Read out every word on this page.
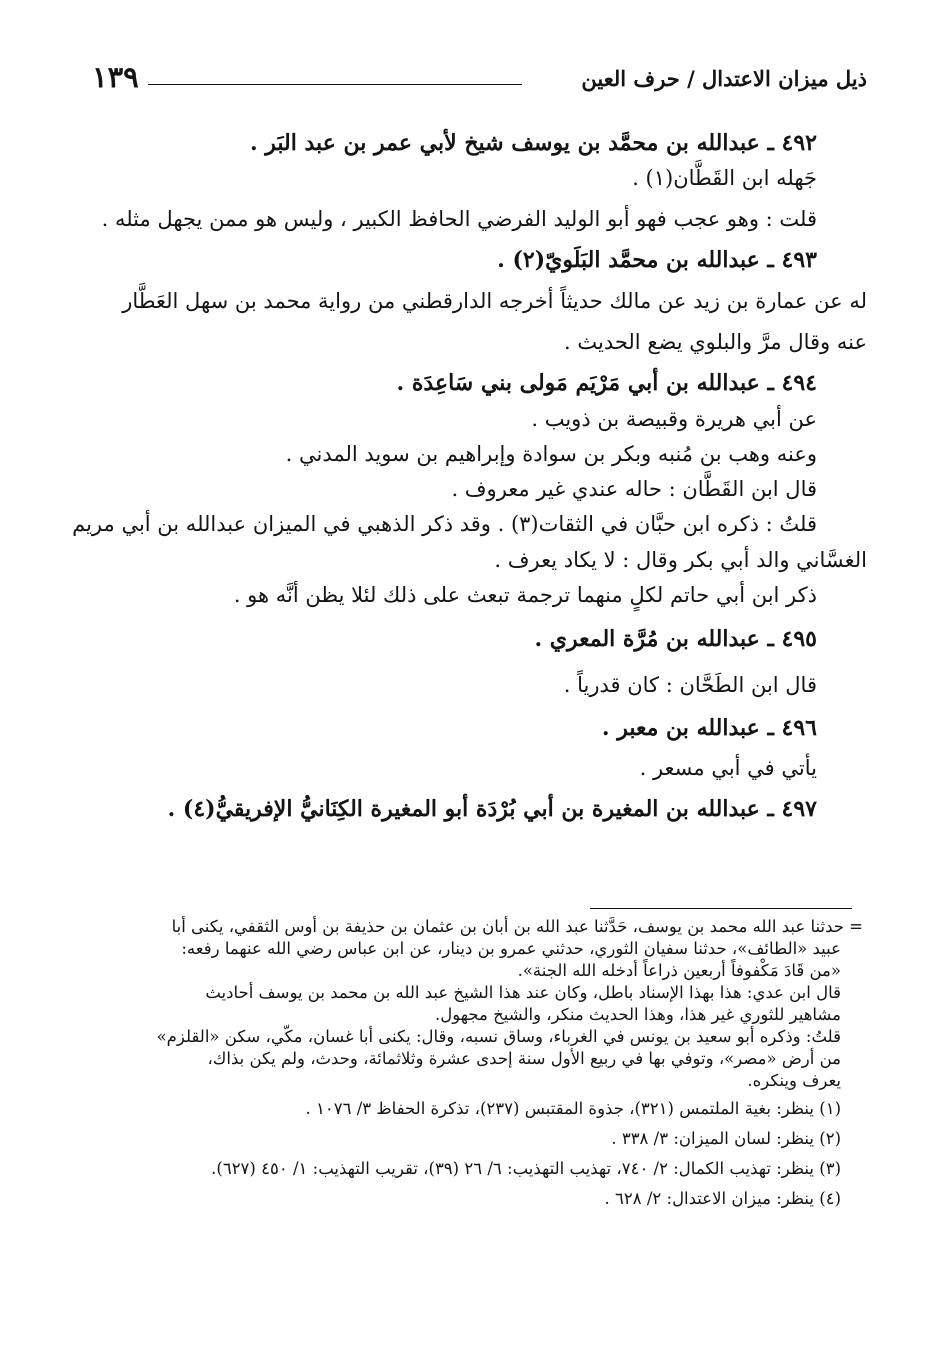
ذيل ميزان الاعتدال / حرف العين
١٣٩

٤٩٢ ـ عبدالله بن محمَّد بن يوسف شيخ لأبي عمر بن عبد البَر .

جَهله ابن القَطَّان(١) .

قلت : وهو عجب فهو أبو الوليد الفرضي الحافظ الكبير ، وليس هو ممن يجهل مثله .

٤٩٣ ـ عبدالله بن محمَّد البَلَويّ(٢) .

له عن عمارة بن زيد عن مالك حديثاً أخرجه الدارقطني من رواية محمد بن سهل العَطَّار

عنه وقال مرَّ والبلوي يضع الحديث .

٤٩٤ ـ عبدالله بن أبي مَرْيَم مَولى بني سَاعِدَة .

عن أبي هريرة وقبيصة بن ذويب .

وعنه وهب بن مُنبه وبكر بن سوادة وإبراهيم بن سويد المدني .

قال ابن القَطَّان : حاله عندي غير معروف .

قلتُ : ذكره ابن حبَّان في الثقات(٣) . وقد ذكر الذهبي في الميزان عبدالله بن أبي مريم

الغسَّاني والد أبي بكر وقال : لا يكاد يعرف .

ذكر ابن أبي حاتم لكلٍ منهما ترجمة تبعث على ذلك لئلا يظن أنَّه هو .

٤٩٥ ـ عبدالله بن مُرَّة المعري .

قال ابن الطَحَّان : كان قدرياً .

٤٩٦ ـ عبدالله بن معبر .

يأتي في أبي مسعر .

٤٩٧ ـ عبدالله بن المغيرة بن أبي بُرْدَة أبو المغيرة الكِنَانيُّ الإفريقيُّ(٤) .

= حدثنا عبد الله محمد بن يوسف، حَدَّثنا عبد الله بن أبان بن عثمان بن حذيفة بن أوس الثقفي، يكنى أبا

عبيد «الطائف»، حدثنا سفيان الثوري، حدثني عمرو بن دينار، عن ابن عباس رضي الله عنهما رفعه:

«من قَادَ مَكْفوفاً أربعين ذراعاً أدخله الله الجنة».

قال ابن عدي: هذا بهذا الإسناد باطل، وكان عند هذا الشيخ عبد الله بن محمد بن يوسف أحاديث

مشاهير للثوري غير هذا، وهذا الحديث منكر، والشيخ مجهول.

قلتُ: وذكره أبو سعيد بن يونس في الغرباء، وساق نسبه، وقال: يكنى أبا غسان، مكّي، سكن «القلزم»

من أرض «مصر»، وتوفي بها في ربيع الأول سنة إحدى عشرة وثلاثمائة، وحدث، ولم يكن بذاك،

يعرف وينكره.

(١) ينظر: بغية الملتمس (٣٢١)، جذوة المقتبس (٢٣٧)، تذكرة الحفاظ ٣/ ١٠٧٦ .

(٢) ينظر: لسان الميزان: ٣/ ٣٣٨ .

(٣) ينظر: تهذيب الكمال: ٢/ ٧٤٠، تهذيب التهذيب: ٦/ ٢٦ (٣٩)، تقريب التهذيب: ١/ ٤٥٠ (٦٢٧).

(٤) ينظر: ميزان الاعتدال: ٢/ ٦٢٨ .
